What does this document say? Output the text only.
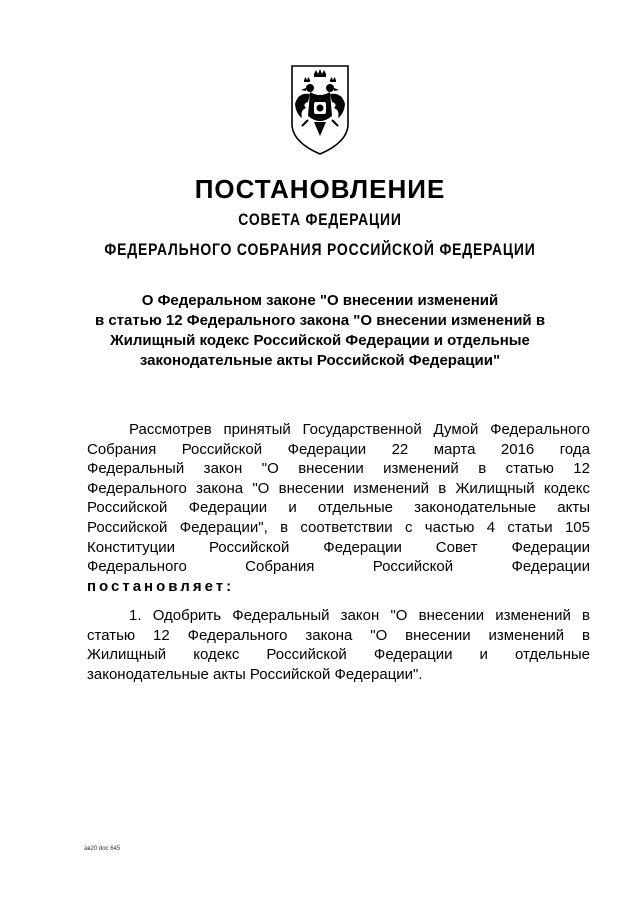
ПОСТАНОВЛЕНИЕ
СОВЕТА ФЕДЕРАЦИИ
ФЕДЕРАЛЬНОГО СОБРАНИЯ РОССИЙСКОЙ ФЕДЕРАЦИИ
О Федеральном законе "О внесении изменений
в статью 12 Федерального закона "О внесении изменений в
Жилищный кодекс Российской Федерации и отдельные
законодательные акты Российской Федерации"

Рассмотрев принятый Государственной Думой Федерального
Собрания Российской Федерации 22 марта 2016 года
Федеральный закон "О внесении изменений в статью 12
Федерального закона "О внесении изменений в Жилищный кодекс
Российской Федерации и отдельные законодательные акты
Российской Федерации", в соответствии с частью 4 статьи 105
Конституции Российской Федерации Совет Федерации
Федерального Собрания Российской Федерации
постановляет:

1. Одобрить Федеральный закон "О внесении изменений в
статью 12 Федерального закона "О внесении изменений в
Жилищный кодекс Российской Федерации и отдельные
законодательные акты Российской Федерации".

ав20 doc 645
